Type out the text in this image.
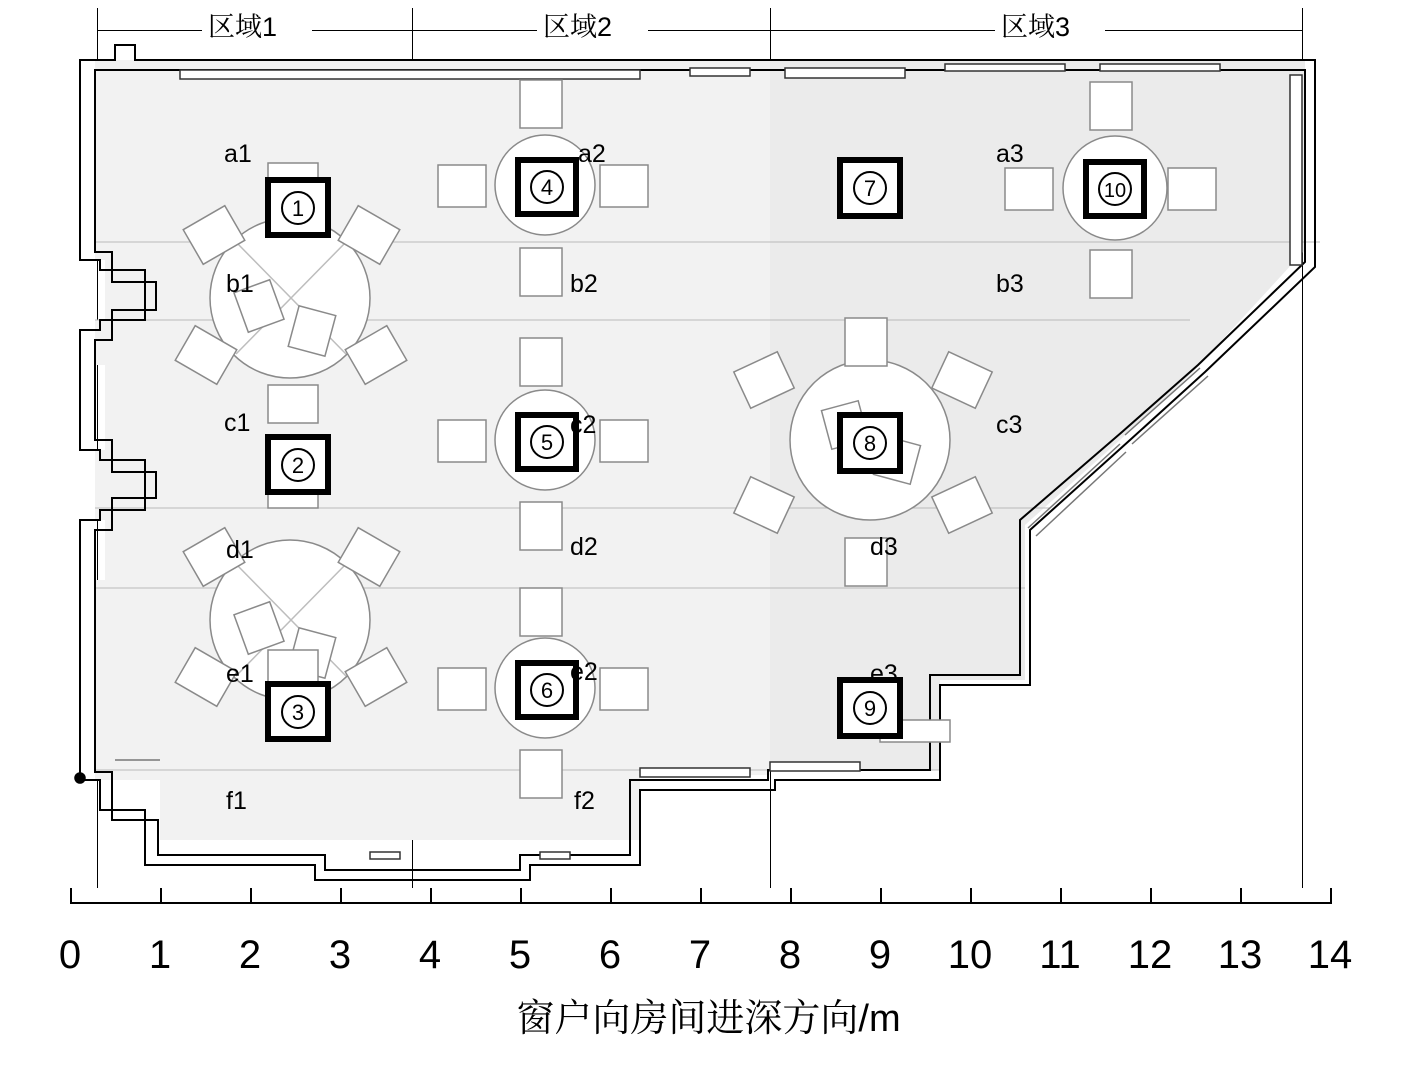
区域1	区域2	区域3
1
2
3
4
5
6
7
8
9
10
a1
b1
c1
d1
e1
f1
a2
b2
c2
d2
e2
f2
a3
b3
c3
d3
e3
0 1 2 3 4 5 6 7 8 9 10 11 12 13 14
窗户向房间进深方向/m
